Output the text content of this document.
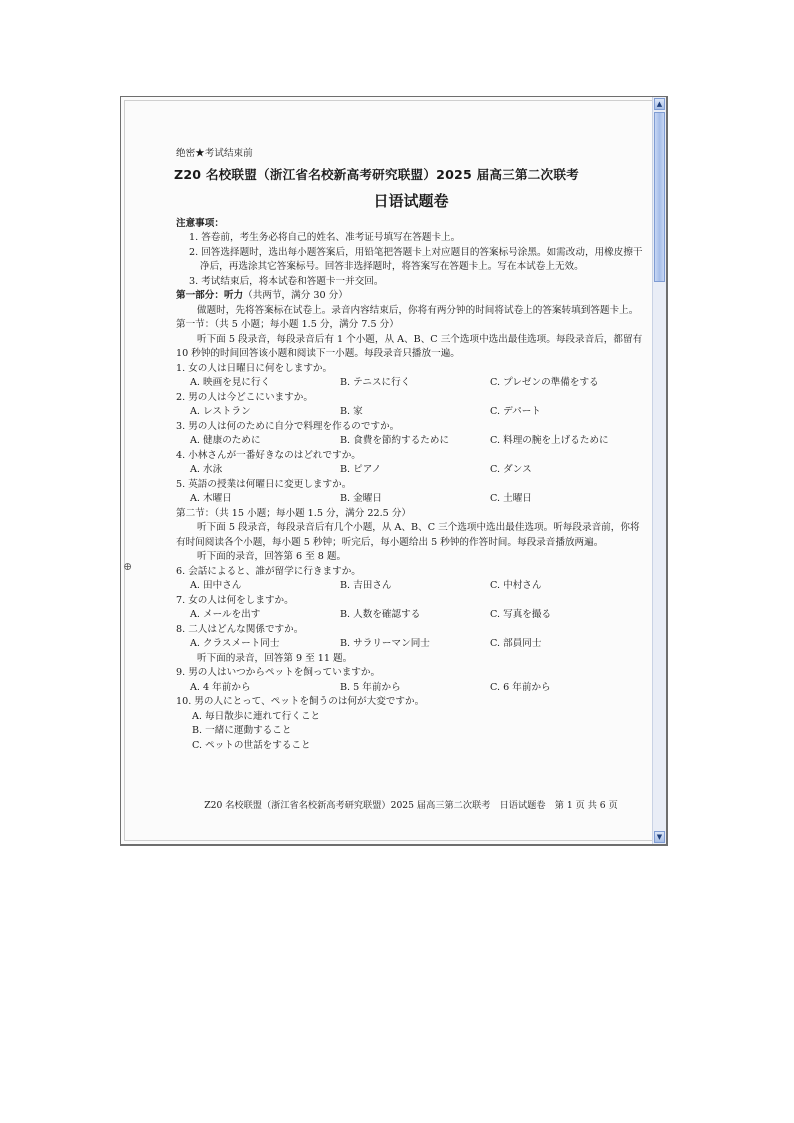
⊕
绝密★考试结束前
Z20 名校联盟（浙江省名校新高考研究联盟）2025 届高三第二次联考
日语试题卷
注意事项：
1. 答卷前，考生务必将自己的姓名、准考证号填写在答题卡上。
2. 回答选择题时，选出每小题答案后，用铅笔把答题卡上对应题目的答案标号涂黑。如需改动，用橡皮擦干净后，再选涂其它答案标号。回答非选择题时，将答案写在答题卡上。写在本试卷上无效。
3. 考试结束后，将本试卷和答题卡一并交回。
第一部分：听力（共两节，满分 30 分）
做题时，先将答案标在试卷上。录音内容结束后，你将有两分钟的时间将试卷上的答案转填到答题卡上。
第一节：（共 5 小题；每小题 1.5 分，满分 7.5 分）
听下面 5 段录音，每段录音后有 1 个小题，从 A、B、C 三个选项中选出最佳选项。每段录音后，都留有 10 秒钟的时间回答该小题和阅读下一小题。每段录音只播放一遍。
1. 女の人は日曜日に何をしますか。
A. 映画を見に行く	B. テニスに行く	C. プレゼンの準備をする
2. 男の人は今どこにいますか。
A. レストラン	B. 家	C. デパート
3. 男の人は何のために自分で料理を作るのですか。
A. 健康のために	B. 食費を節約するために	C. 料理の腕を上げるために
4. 小林さんが一番好きなのはどれですか。
A. 水泳	B. ピアノ	C. ダンス
5. 英語の授業は何曜日に変更しますか。
A. 木曜日	B. 金曜日	C. 土曜日
第二节：（共 15 小题；每小题 1.5 分，满分 22.5 分）
听下面 5 段录音，每段录音后有几个小题，从 A、B、C 三个选项中选出最佳选项。听每段录音前，你将有时间阅读各个小题，每小题 5 秒钟；听完后，每小题给出 5 秒钟的作答时间。每段录音播放两遍。
听下面的录音，回答第 6 至 8 题。
6. 会話によると、誰が留学に行きますか。
A. 田中さん	B. 吉田さん	C. 中村さん
7. 女の人は何をしますか。
A. メールを出す	B. 人数を確認する	C. 写真を撮る
8. 二人はどんな関係ですか。
A. クラスメート同士	B. サラリーマン同士	C. 部員同士
听下面的录音，回答第 9 至 11 题。
9. 男の人はいつからペットを飼っていますか。
A. 4 年前から	B. 5 年前から	C. 6 年前から
10. 男の人にとって、ペットを飼うのは何が大変ですか。
A. 毎日散歩に連れて行くこと
B. 一緒に運動すること
C. ペットの世話をすること
Z20 名校联盟（浙江省名校新高考研究联盟）2025 届高三第二次联考　日语试题卷　第 1 页 共 6 页
▲
▼
